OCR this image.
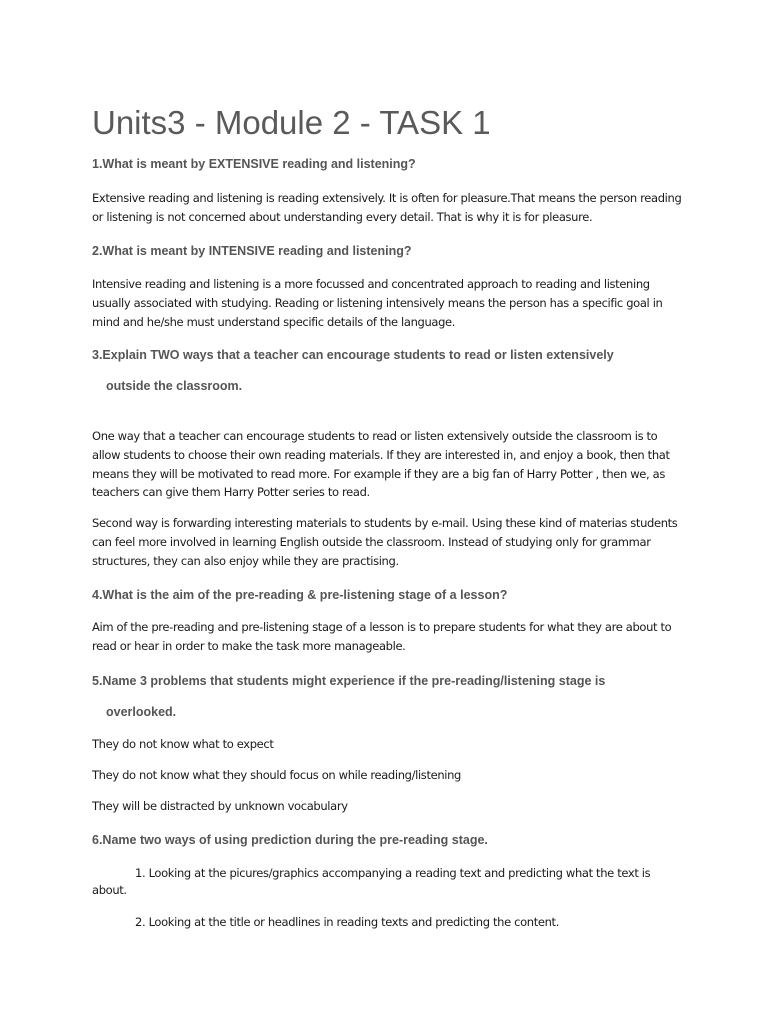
Units3 - Module 2 - TASK 1

1.What is meant by EXTENSIVE reading and listening?

Extensive reading and listening is reading extensively. It is often for pleasure.That means the person reading or listening is not concerned about understanding every detail. That is why it is for pleasure.

2.What is meant by INTENSIVE reading and listening?

Intensive reading and listening is a more focussed and concentrated approach to reading and listening usually associated with studying. Reading or listening intensively means the person has a specific goal in mind and he/she must understand specific details of the language.

3.Explain TWO ways that a teacher can encourage students to read or listen extensively

outside the classroom.

One way that a teacher can encourage students to read or listen extensively outside the classroom is to allow students to choose their own reading materials. If they are interested in, and enjoy a book, then that means they will be motivated to read more. For example if they are a big fan of Harry Potter , then we, as teachers can give them Harry Potter series to read.

Second way is forwarding interesting materials to students by e-mail. Using these kind of materias students can feel more involved in learning English outside the classroom. Instead of studying only for grammar structures, they can also enjoy while they are practising.

4.What is the aim of the pre-reading & pre-listening stage of a lesson?

Aim of the pre-reading and pre-listening stage of a lesson is to prepare students for what they are about to read or hear in order to make the task more manageable.

5.Name 3 problems that students might experience if the pre-reading/listening stage is

overlooked.

They do not know what to expect

They do not know what they should focus on while reading/listening

They will be distracted by unknown vocabulary

6.Name two ways of using prediction during the pre-reading stage.

1. Looking at the picures/graphics accompanying a reading text and predicting what the text is about.

2. Looking at the title or headlines in reading texts and predicting the content.
